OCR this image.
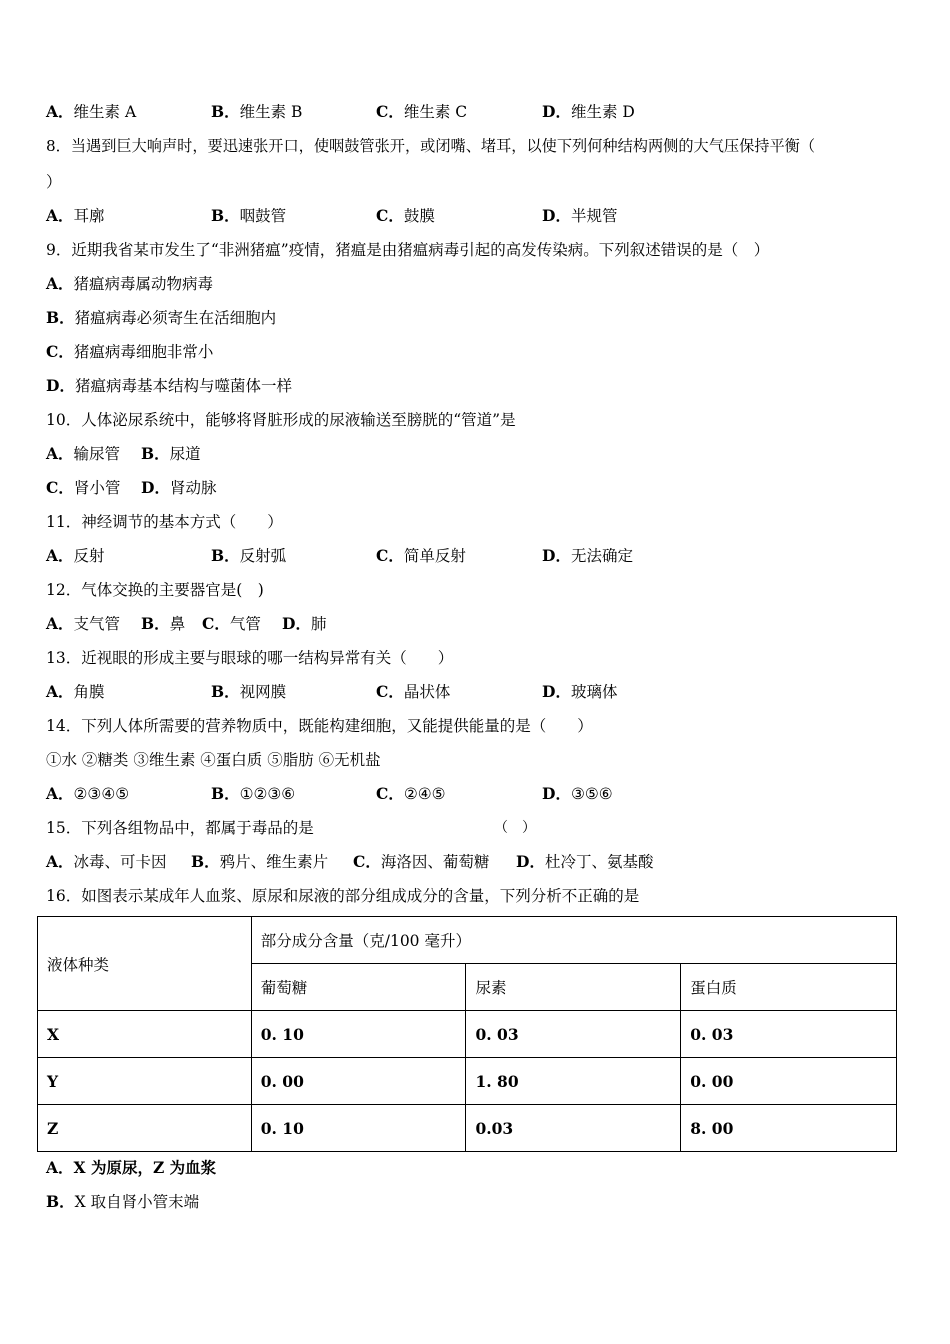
A．维生素 A	B．维生素 B	C．维生素 C	D．维生素 D
8．当遇到巨大响声时，要迅速张开口，使咽鼓管张开，或闭嘴、堵耳，以使下列何种结构两侧的大气压保持平衡（
）
A．耳廓	B．咽鼓管	C．鼓膜	D．半规管
9．近期我省某市发生了“非洲猪瘟”疫情，猪瘟是由猪瘟病毒引起的高发传染病。下列叙述错误的是（　）
A．猪瘟病毒属动物病毒
B．猪瘟病毒必须寄生在活细胞内
C．猪瘟病毒细胞非常小
D．猪瘟病毒基本结构与噬菌体一样
10．人体泌尿系统中，能够将肾脏形成的尿液输送至膀胱的“管道”是
A．输尿管 B．尿道
C．肾小管 D．肾动脉
11．神经调节的基本方式（　　）
A．反射	B．反射弧	C．简单反射	D．无法确定
12．气体交换的主要器官是(　)
A．支气管 B．鼻 C．气管 D．肺
13．近视眼的形成主要与眼球的哪一结构异常有关（　　）
A．角膜	B．视网膜	C．晶状体	D．玻璃体
14．下列人体所需要的营养物质中，既能构建细胞，又能提供能量的是（　　）
①水 ②糖类 ③维生素 ④蛋白质 ⑤脂肪 ⑥无机盐
A．②③④⑤	B．①②③⑥	C．②④⑤	D．③⑤⑥
15．下列各组物品中，都属于毒品的是	（　）
A．冰毒、可卡因 B．鸦片、维生素片 C．海洛因、葡萄糖 D．杜冷丁、氨基酸
16．如图表示某成年人血浆、原尿和尿液的部分组成成分的含量，下列分析不正确的是
液体种类	部分成分含量（克/100 毫升）		
	葡萄糖	尿素	蛋白质
X	0. 10	0. 03	0. 03
Y	0. 00	1. 80	0. 00
Z	0. 10	0.03	8. 00
A．X 为原尿，Z 为血浆
B．X 取自肾小管末端
